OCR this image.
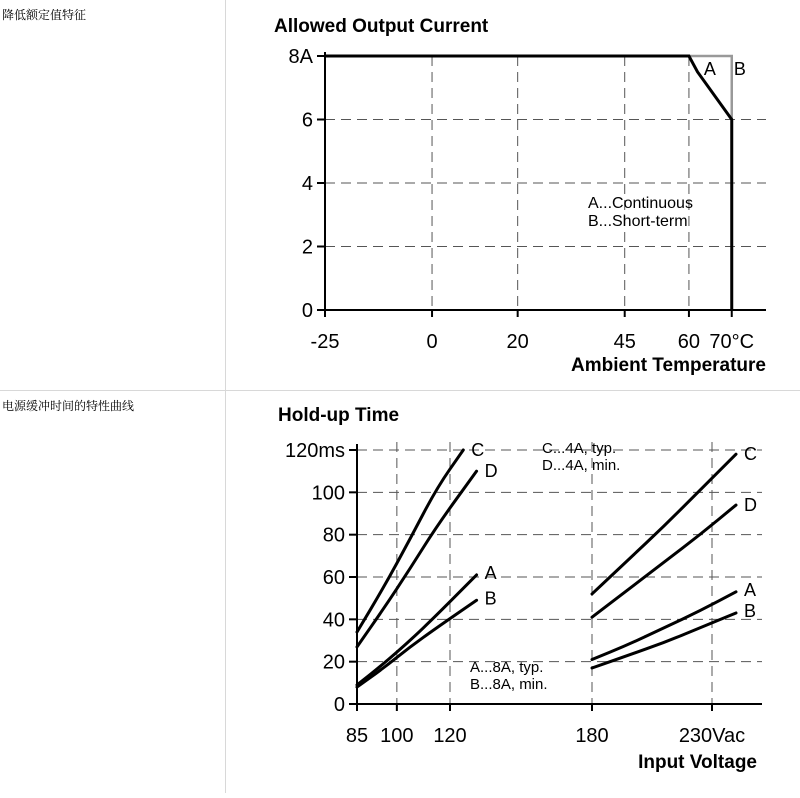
降低额定值特征
电源缓冲时间的特性曲线
Allowed Output Current
0
2
4
6
8A
-25	0	20	45 60 70°C
Ambient Temperature
A B
A...Continuous
B...Short-term
Hold-up Time
0
20
40
60
80
100
120ms
85 100 120	180	230Vac
Input Voltage
C
D
A
B
C
D
A
B
C...4A, typ.
D...4A, min.
A...8A, typ.
B...8A, min.
